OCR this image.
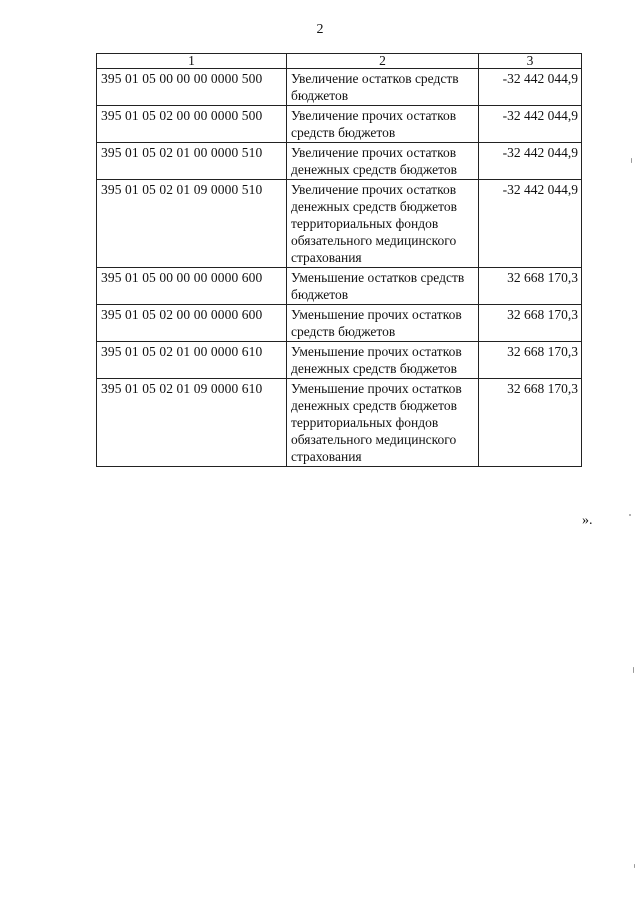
2
1	2	3
395 01 05 00 00 00 0000 500	Увеличение остатков средств бюджетов	-32 442 044,9
395 01 05 02 00 00 0000 500	Увеличение прочих остатков средств бюджетов	-32 442 044,9
395 01 05 02 01 00 0000 510	Увеличение прочих остатков денежных средств бюджетов	-32 442 044,9
395 01 05 02 01 09 0000 510	Увеличение прочих остатков денежных средств бюджетов территориальных фондов обязательного медицинского страхования	-32 442 044,9
395 01 05 00 00 00 0000 600	Уменьшение остатков средств бюджетов	32 668 170,3
395 01 05 02 00 00 0000 600	Уменьшение прочих остатков средств бюджетов	32 668 170,3
395 01 05 02 01 00 0000 610	Уменьшение прочих остатков денежных средств бюджетов	32 668 170,3
395 01 05 02 01 09 0000 610	Уменьшение прочих остатков денежных средств бюджетов территориальных фондов обязательного медицинского страхования	32 668 170,3
».
